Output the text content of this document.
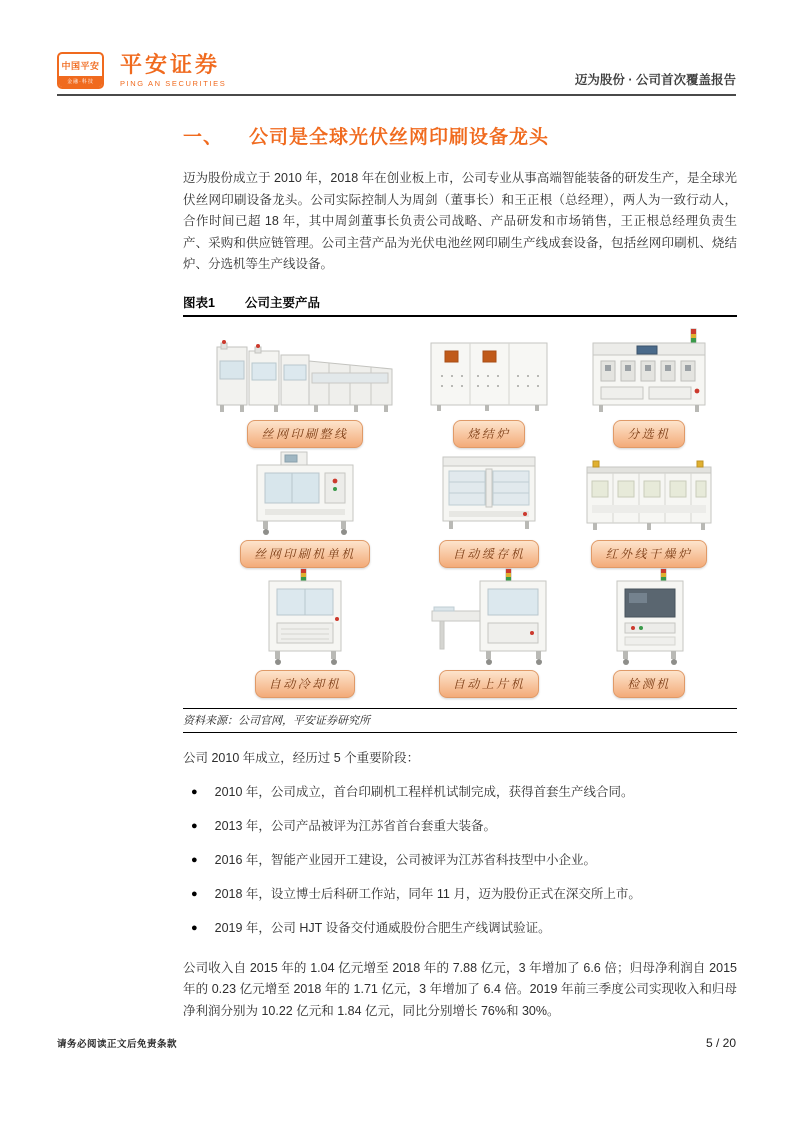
中国平安
金融·科技
平安证券
PING AN SECURITIES	迈为股份 · 公司首次覆盖报告
一、 公司是全球光伏丝网印刷设备龙头
迈为股份成立于 2010 年，2018 年在创业板上市，公司专业从事高端智能装备的研发生产，是全球光伏丝网印刷设备龙头。公司实际控制人为周剑（董事长）和王正根（总经理），两人为一致行动人，合作时间已超 18 年，其中周剑董事长负责公司战略、产品研发和市场销售，王正根总经理负责生产、采购和供应链管理。公司主营产品为光伏电池丝网印刷生产线成套设备，包括丝网印刷机、烧结炉、分选机等生产线设备。
图表1 公司主要产品
丝网印刷整线	烧结炉	分选机
丝网印刷机单机	自动缓存机	红外线干燥炉
自动冷却机	自动上片机	检测机
资料来源：公司官网，平安证券研究所
公司 2010 年成立，经历过 5 个重要阶段：
● 2010 年，公司成立，首台印刷机工程样机试制完成，获得首套生产线合同。
● 2013 年，公司产品被评为江苏省首台套重大装备。
● 2016 年，智能产业园开工建设，公司被评为江苏省科技型中小企业。
● 2018 年，设立博士后科研工作站，同年 11 月，迈为股份正式在深交所上市。
● 2019 年，公司 HJT 设备交付通威股份合肥生产线调试验证。
公司收入自 2015 年的 1.04 亿元增至 2018 年的 7.88 亿元，3 年增加了 6.6 倍；归母净利润自 2015 年的 0.23 亿元增至 2018 年的 1.71 亿元，3 年增加了 6.4 倍。2019 年前三季度公司实现收入和归母净利润分别为 10.22 亿元和 1.84 亿元，同比分别增长 76%和 30%。
请务必阅读正文后免责条款	5 / 20
